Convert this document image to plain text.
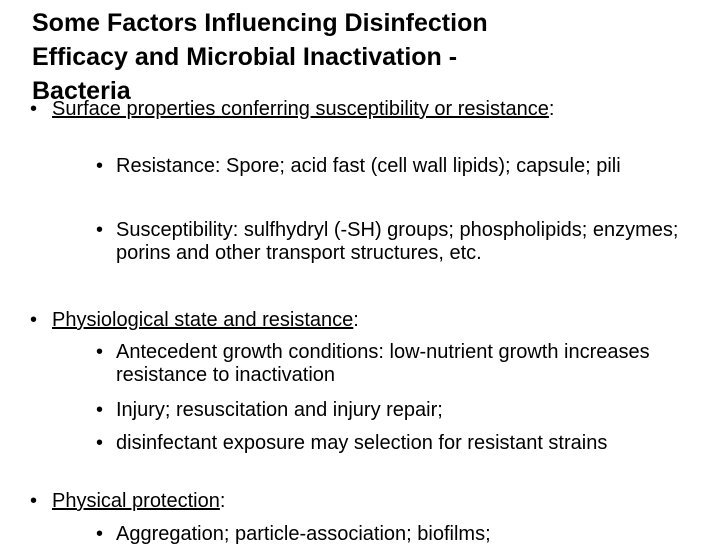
• Surface properties conferring susceptibility or resistance:
• Resistance: Spore; acid fast (cell wall lipids); capsule; pili
• Susceptibility: sulfhydryl (-SH) groups; phospholipids; enzymes; porins and other transport structures, etc.
• Physiological state and resistance:
• Antecedent growth conditions: low-nutrient growth increases resistance to inactivation
• Injury; resuscitation and injury repair;
• disinfectant exposure may selection for resistant strains
• Physical protection:
• Aggregation; particle-association; biofilms;
Some Factors Influencing Disinfection
Efficacy and Microbial Inactivation -
Bacteria
